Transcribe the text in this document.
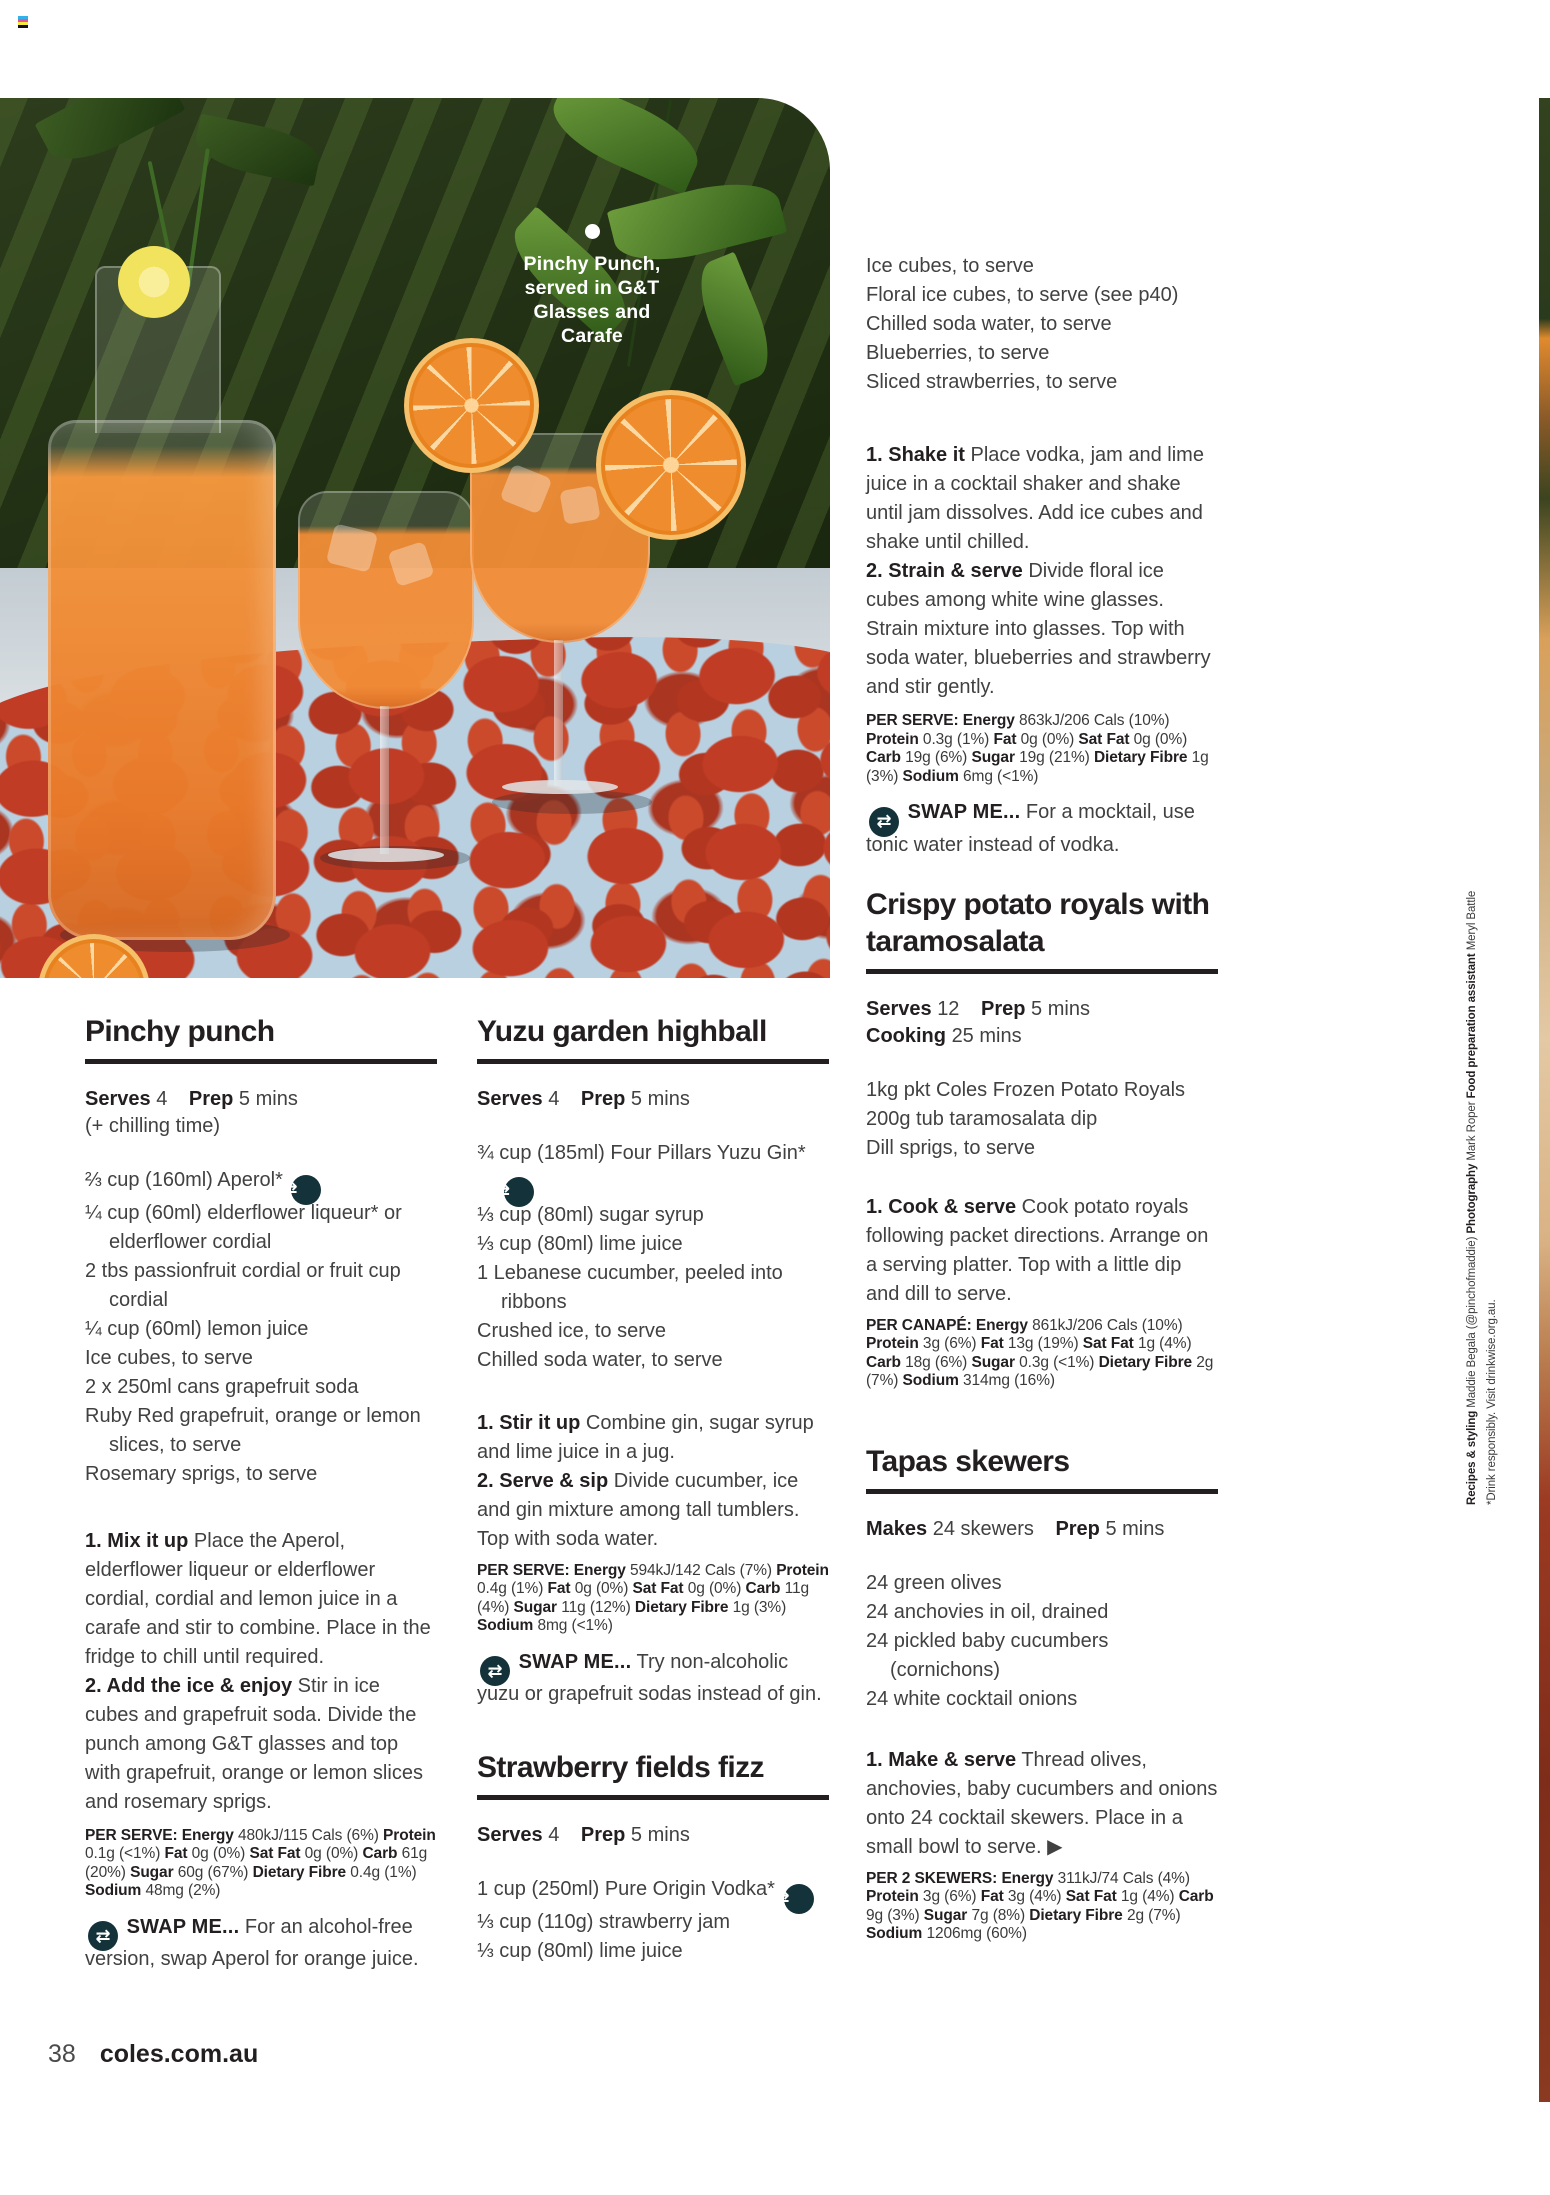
Pinchy Punch,
served in G&T
Glasses and
Carafe
Ice cubes, to serve
Floral ice cubes, to serve (see p40)
Chilled soda water, to serve
Blueberries, to serve
Sliced strawberries, to serve

1. Shake it Place vodka, jam and lime juice in a cocktail shaker and shake until jam dissolves. Add ice cubes and shake until chilled.

2. Strain & serve Divide floral ice cubes among white wine glasses. Strain mixture into glasses. Top with soda water, blueberries and strawberry and stir gently.

PER SERVE: Energy 863kJ/206 Cals (10%) Protein 0.3g (1%) Fat 0g (0%) Sat Fat 0g (0%) Carb 19g (6%) Sugar 19g (21%) Dietary Fibre 1g (3%) Sodium 6mg (<1%)

⇄ SWAP ME... For a mocktail, use tonic water instead of vodka.

Crispy potato royals with taramosalata

Serves 12 Prep 5 mins

Cooking 25 mins

1kg pkt Coles Frozen Potato Royals
200g tub taramosalata dip
Dill sprigs, to serve

1. Cook & serve Cook potato royals following packet directions. Arrange on a serving platter. Top with a little dip and dill to serve.

PER CANAPÉ: Energy 861kJ/206 Cals (10%) Protein 3g (6%) Fat 13g (19%) Sat Fat 1g (4%) Carb 18g (6%) Sugar 0.3g (<1%) Dietary Fibre 2g (7%) Sodium 314mg (16%)

Tapas skewers

Makes 24 skewers Prep 5 mins

24 green olives
24 anchovies in oil, drained
24 pickled baby cucumbers (cornichons)
24 white cocktail onions

1. Make & serve Thread olives, anchovies, baby cucumbers and onions onto 24 cocktail skewers. Place in a small bowl to serve. ▶

PER 2 SKEWERS: Energy 311kJ/74 Cals (4%) Protein 3g (6%) Fat 3g (4%) Sat Fat 1g (4%) Carb 9g (3%) Sugar 7g (8%) Dietary Fibre 2g (7%) Sodium 1206mg (60%)

Pinchy punch

Serves 4 Prep 5 mins

(+ chilling time)

⅔ cup (160ml) Aperol* ⇄
¼ cup (60ml) elderflower liqueur* or elderflower cordial
2 tbs passionfruit cordial or fruit cup cordial
¼ cup (60ml) lemon juice
Ice cubes, to serve
2 x 250ml cans grapefruit soda
Ruby Red grapefruit, orange or lemon slices, to serve
Rosemary sprigs, to serve

1. Mix it up Place the Aperol, elderflower liqueur or elderflower cordial, cordial and lemon juice in a carafe and stir to combine. Place in the fridge to chill until required.

2. Add the ice & enjoy Stir in ice cubes and grapefruit soda. Divide the punch among G&T glasses and top with grapefruit, orange or lemon slices and rosemary sprigs.

PER SERVE: Energy 480kJ/115 Cals (6%) Protein 0.1g (<1%) Fat 0g (0%) Sat Fat 0g (0%) Carb 61g (20%) Sugar 60g (67%) Dietary Fibre 0.4g (1%) Sodium 48mg (2%)

⇄ SWAP ME... For an alcohol-free version, swap Aperol for orange juice.

Yuzu garden highball

Serves 4 Prep 5 mins

¾ cup (185ml) Four Pillars Yuzu Gin* ⇄
⅓ cup (80ml) sugar syrup
⅓ cup (80ml) lime juice
1 Lebanese cucumber, peeled into ribbons
Crushed ice, to serve
Chilled soda water, to serve

1. Stir it up Combine gin, sugar syrup and lime juice in a jug.

2. Serve & sip Divide cucumber, ice and gin mixture among tall tumblers. Top with soda water.

PER SERVE: Energy 594kJ/142 Cals (7%) Protein 0.4g (1%) Fat 0g (0%) Sat Fat 0g (0%) Carb 11g (4%) Sugar 11g (12%) Dietary Fibre 1g (3%) Sodium 8mg (<1%)

⇄ SWAP ME... Try non-alcoholic yuzu or grapefruit sodas instead of gin.

Strawberry fields fizz

Serves 4 Prep 5 mins

1 cup (250ml) Pure Origin Vodka* ⇄
⅓ cup (110g) strawberry jam
⅓ cup (80ml) lime juice
Recipes & styling Maddie Begala (@pinchofmaddie) Photography Mark Roper Food preparation assistant Meryl Battle
*Drink responsibly. Visit drinkwise.org.au.
38 coles.com.au
